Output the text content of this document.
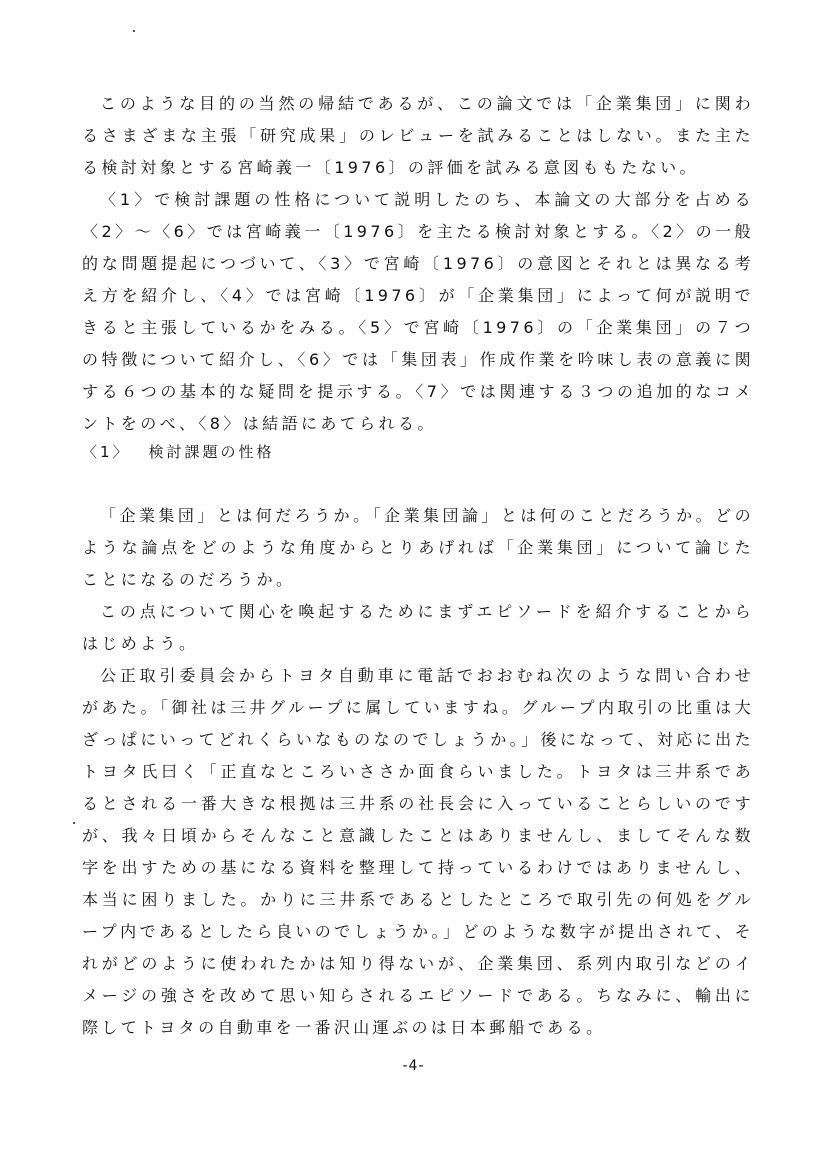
このような目的の当然の帰結であるが、この論文では「企業集団」に関わるさまざまな主張「研究成果」のレビューを試みることはしない。また主たる検討対象とする宮崎義一〔1976〕の評価を試みる意図ももたない。

〈1〉で検討課題の性格について説明したのち、本論文の大部分を占める〈2〉～〈6〉では宮崎義一〔1976〕を主たる検討対象とする。〈2〉の一般的な問題提起につづいて、〈3〉で宮崎〔1976〕の意図とそれとは異なる考え方を紹介し、〈4〉では宮崎〔1976〕が「企業集団」によって何が説明できると主張しているかをみる。〈5〉で宮崎〔1976〕の「企業集団」の７つの特徴について紹介し、〈6〉では「集団表」作成作業を吟味し表の意義に関する６つの基本的な疑問を提示する。〈7〉では関連する３つの追加的なコメントをのべ、〈8〉は結語にあてられる。

〈1〉 検討課題の性格

「企業集団」とは何だろうか。「企業集団論」とは何のことだろうか。どのような論点をどのような角度からとりあげれば「企業集団」について論じたことになるのだろうか。

この点について関心を喚起するためにまずエピソードを紹介することからはじめよう。

公正取引委員会からトヨタ自動車に電話でおおむね次のような問い合わせがあた。「御社は三井グループに属していますね。グループ内取引の比重は大ざっぱにいってどれくらいなものなのでしょうか。」後になって、対応に出たトヨタ氏曰く「正直なところいささか面食らいました。トヨタは三井系であるとされる一番大きな根拠は三井系の社長会に入っていることらしいのですが、我々日頃からそんなこと意識したことはありませんし、ましてそんな数字を出すための基になる資料を整理して持っているわけではありませんし、本当に困りました。かりに三井系であるとしたところで取引先の何処をグループ内であるとしたら良いのでしょうか。」どのような数字が提出されて、それがどのように使われたかは知り得ないが、企業集団、系列内取引などのイメージの強さを改めて思い知らされるエピソードである。ちなみに、輸出に際してトヨタの自動車を一番沢山運ぶのは日本郵船である。

-4-
